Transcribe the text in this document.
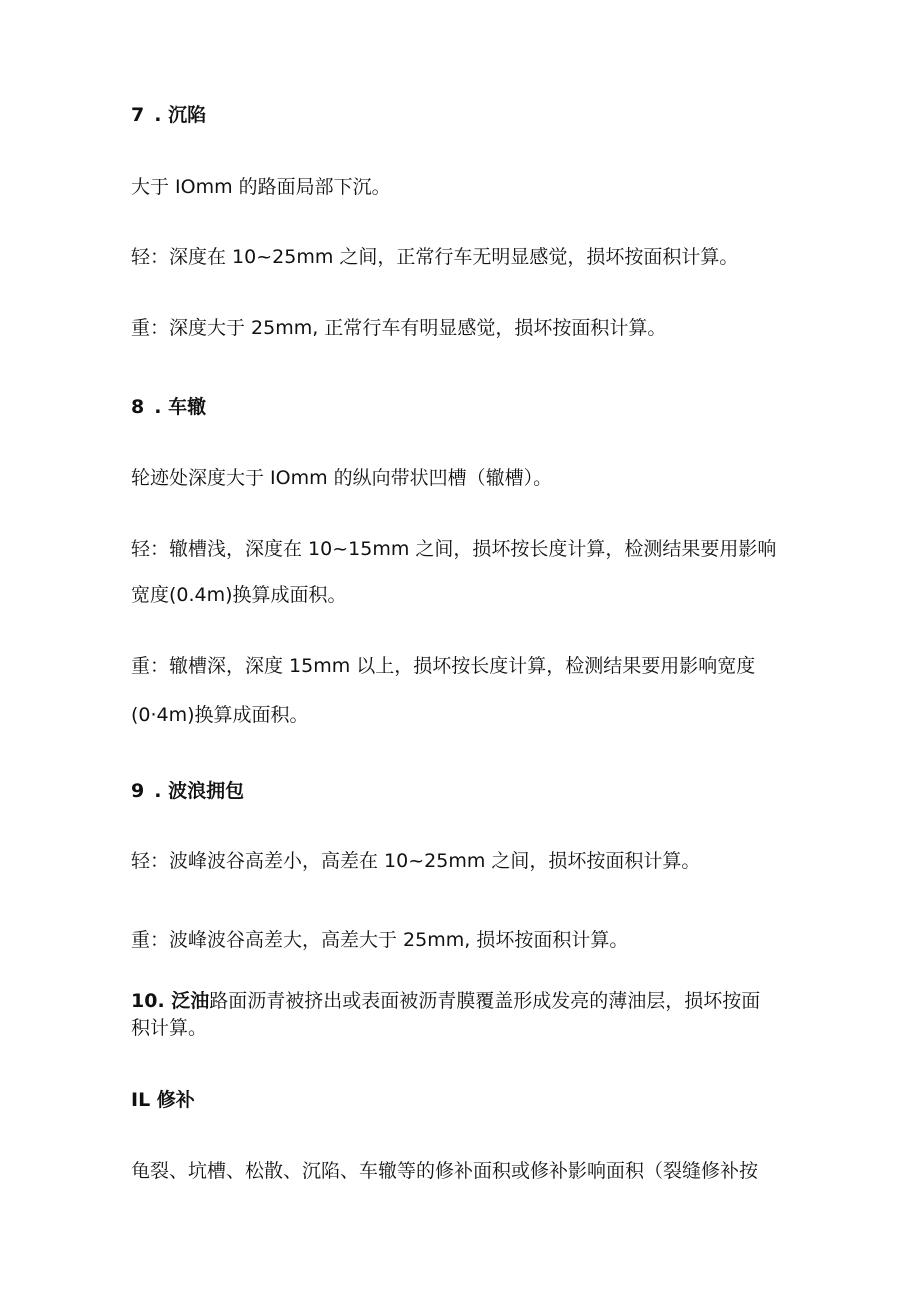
7 . 沉陷
大于 IOmm 的路面局部下沉。
轻：深度在 10~25mm 之间，正常行车无明显感觉，损坏按面积计算。
重：深度大于 25mm, 正常行车有明显感觉，损坏按面积计算。
8 . 车辙
轮迹处深度大于 IOmm 的纵向带状凹槽（辙槽）。
轻：辙槽浅，深度在 10~15mm 之间，损坏按长度计算，检测结果要用影响
宽度(0.4m)换算成面积。
重：辙槽深，深度 15mm 以上，损坏按长度计算，检测结果要用影响宽度
(0·4m)换算成面积。
9 . 波浪拥包
轻：波峰波谷高差小，高差在 10~25mm 之间，损坏按面积计算。
重：波峰波谷高差大，高差大于 25mm, 损坏按面积计算。
10. 泛油路面沥青被挤出或表面被沥青膜覆盖形成发亮的薄油层，损坏按面
积计算。
IL 修补
龟裂、坑槽、松散、沉陷、车辙等的修补面积或修补影响面积（裂缝修补按
